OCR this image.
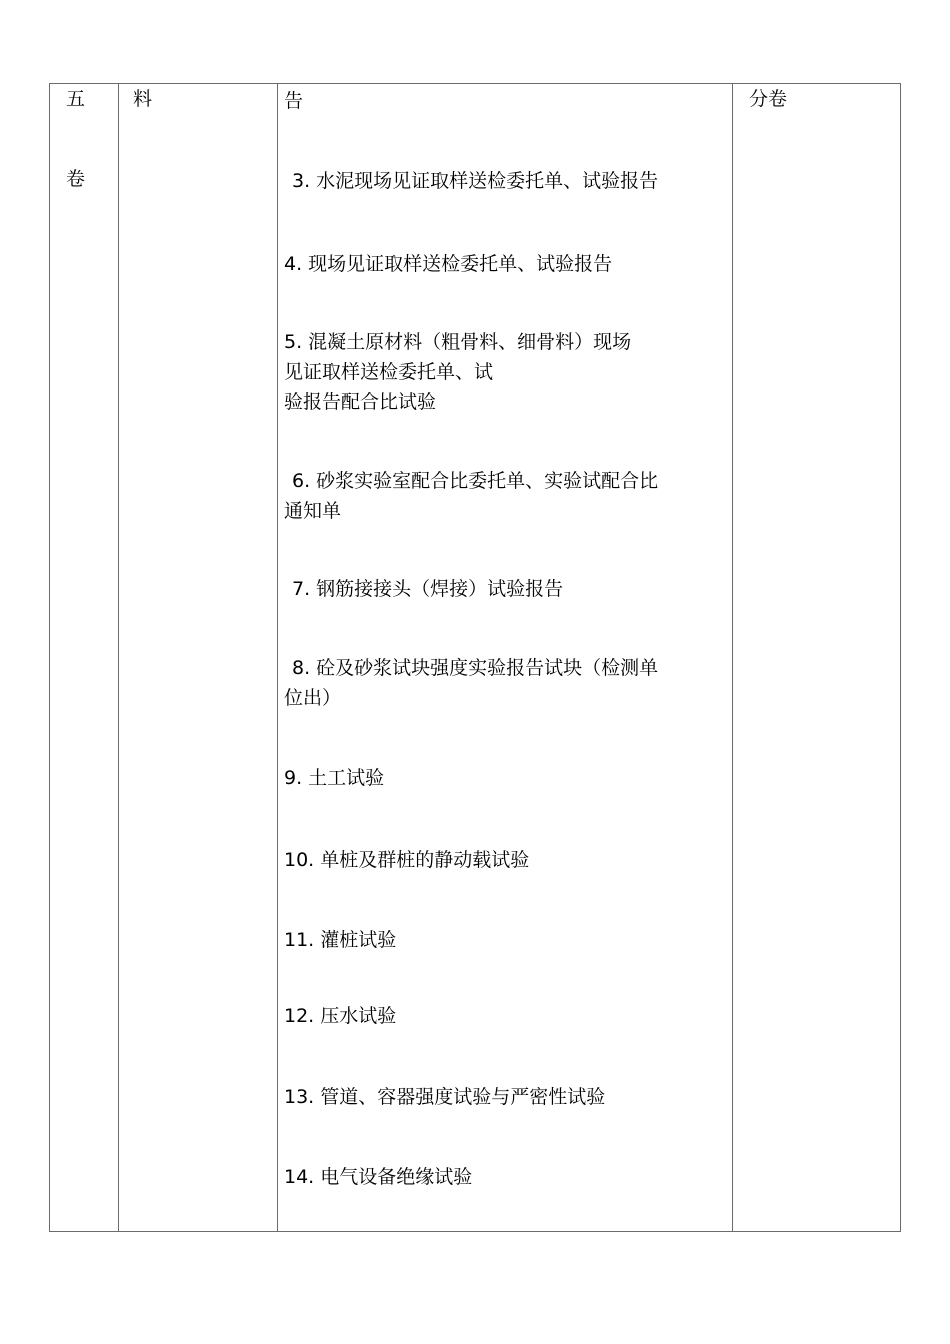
五
卷
料	告
3. 水泥现场见证取样送检委托单、试验报告
4. 现场见证取样送检委托单、试验报告
5. 混凝土原材料（粗骨料、细骨料）现场
见证取样送检委托单、试
验报告配合比试验
6. 砂浆实验室配合比委托单、实验试配合比
通知单
7. 钢筋接接头（焊接）试验报告
8. 砼及砂浆试块强度实验报告试块（检测单
位出）
9. 土工试验
10. 单桩及群桩的静动载试验
11. 灌桩试验
12. 压水试验
13. 管道、容器强度试验与严密性试验
14. 电气设备绝缘试验
分卷
